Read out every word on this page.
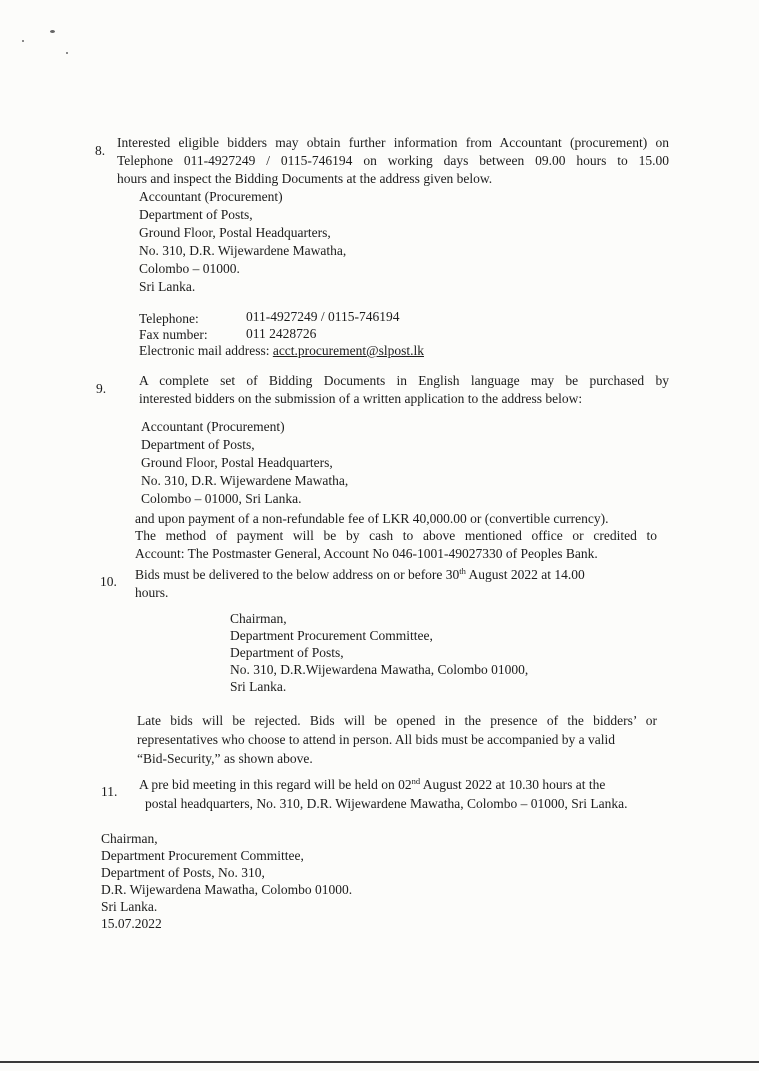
8.
Interested eligible bidders may obtain further information from Accountant (procurement) on
Telephone 011-4927249 / 0115-746194 on working days between 09.00 hours to 15.00
hours and inspect the Bidding Documents at the address given below.
Accountant (Procurement)
Department of Posts,
Ground Floor, Postal Headquarters,
No. 310, D.R. Wijewardene Mawatha,
Colombo – 01000.
Sri Lanka.
Telephone:	011-4927249 / 0115-746194
Fax number:	011 2428726
Electronic mail address: acct.procurement@slpost.lk
9.
A complete set of Bidding Documents in English language may be purchased by
interested bidders on the submission of a written application to the address below:
Accountant (Procurement)
Department of Posts,
Ground Floor, Postal Headquarters,
No. 310, D.R. Wijewardene Mawatha,
Colombo – 01000, Sri Lanka.
and upon payment of a non-refundable fee of LKR 40,000.00 or (convertible currency).
The method of payment will be by cash to above mentioned office or credited to
Account: The Postmaster General, Account No 046-1001-49027330 of Peoples Bank.
10. Bids must be delivered to the below address on or before 30th August 2022 at 14.00
hours.
Chairman,
Department Procurement Committee,
Department of Posts,
No. 310, D.R.Wijewardena Mawatha, Colombo 01000,
Sri Lanka.
Late bids will be rejected. Bids will be opened in the presence of the bidders’ or
representatives who choose to attend in person. All bids must be accompanied by a valid
“Bid-Security,” as shown above.
11. A pre bid meeting in this regard will be held on 02nd August 2022 at 10.30 hours at the
postal headquarters, No. 310, D.R. Wijewardene Mawatha, Colombo – 01000, Sri Lanka.
Chairman,
Department Procurement Committee,
Department of Posts, No. 310,
D.R. Wijewardena Mawatha, Colombo 01000.
Sri Lanka.
15.07.2022
